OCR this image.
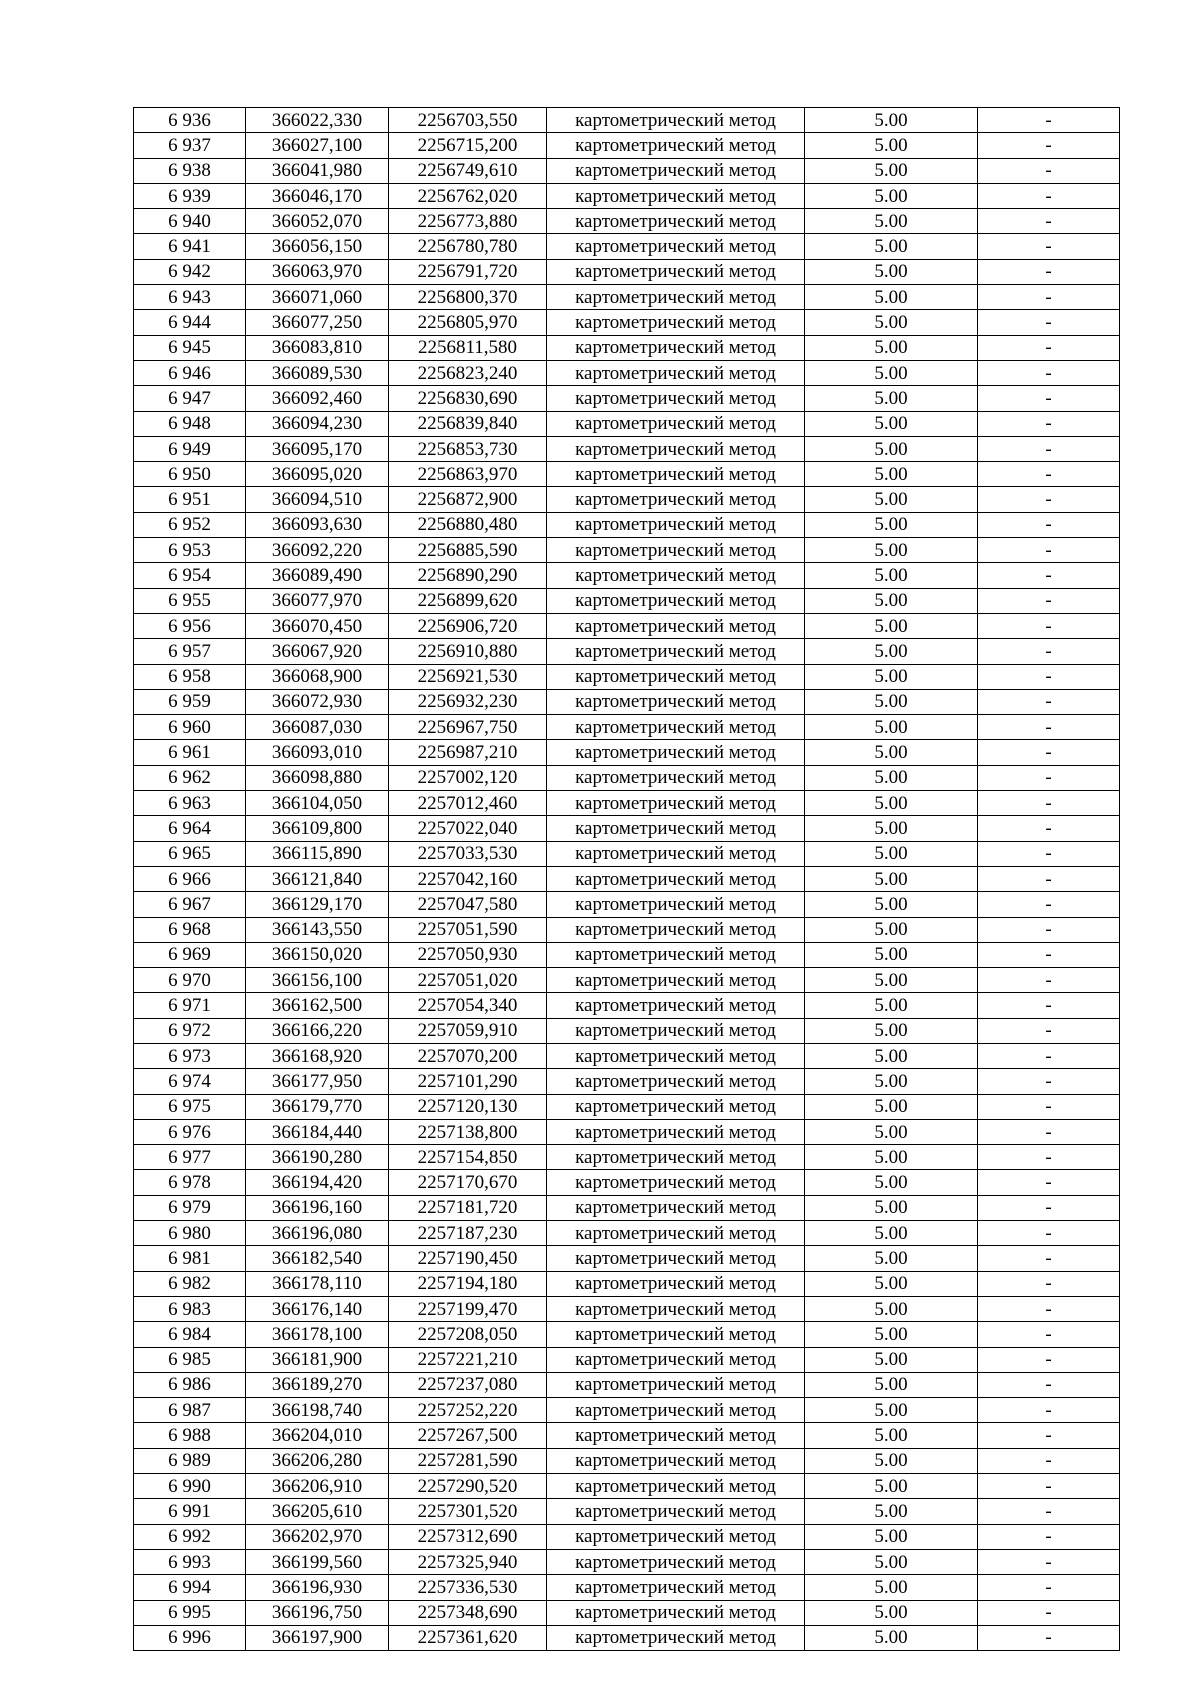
6 936	366022,330	2256703,550	картометрический метод	5.00	-
6 937	366027,100	2256715,200	картометрический метод	5.00	-
6 938	366041,980	2256749,610	картометрический метод	5.00	-
6 939	366046,170	2256762,020	картометрический метод	5.00	-
6 940	366052,070	2256773,880	картометрический метод	5.00	-
6 941	366056,150	2256780,780	картометрический метод	5.00	-
6 942	366063,970	2256791,720	картометрический метод	5.00	-
6 943	366071,060	2256800,370	картометрический метод	5.00	-
6 944	366077,250	2256805,970	картометрический метод	5.00	-
6 945	366083,810	2256811,580	картометрический метод	5.00	-
6 946	366089,530	2256823,240	картометрический метод	5.00	-
6 947	366092,460	2256830,690	картометрический метод	5.00	-
6 948	366094,230	2256839,840	картометрический метод	5.00	-
6 949	366095,170	2256853,730	картометрический метод	5.00	-
6 950	366095,020	2256863,970	картометрический метод	5.00	-
6 951	366094,510	2256872,900	картометрический метод	5.00	-
6 952	366093,630	2256880,480	картометрический метод	5.00	-
6 953	366092,220	2256885,590	картометрический метод	5.00	-
6 954	366089,490	2256890,290	картометрический метод	5.00	-
6 955	366077,970	2256899,620	картометрический метод	5.00	-
6 956	366070,450	2256906,720	картометрический метод	5.00	-
6 957	366067,920	2256910,880	картометрический метод	5.00	-
6 958	366068,900	2256921,530	картометрический метод	5.00	-
6 959	366072,930	2256932,230	картометрический метод	5.00	-
6 960	366087,030	2256967,750	картометрический метод	5.00	-
6 961	366093,010	2256987,210	картометрический метод	5.00	-
6 962	366098,880	2257002,120	картометрический метод	5.00	-
6 963	366104,050	2257012,460	картометрический метод	5.00	-
6 964	366109,800	2257022,040	картометрический метод	5.00	-
6 965	366115,890	2257033,530	картометрический метод	5.00	-
6 966	366121,840	2257042,160	картометрический метод	5.00	-
6 967	366129,170	2257047,580	картометрический метод	5.00	-
6 968	366143,550	2257051,590	картометрический метод	5.00	-
6 969	366150,020	2257050,930	картометрический метод	5.00	-
6 970	366156,100	2257051,020	картометрический метод	5.00	-
6 971	366162,500	2257054,340	картометрический метод	5.00	-
6 972	366166,220	2257059,910	картометрический метод	5.00	-
6 973	366168,920	2257070,200	картометрический метод	5.00	-
6 974	366177,950	2257101,290	картометрический метод	5.00	-
6 975	366179,770	2257120,130	картометрический метод	5.00	-
6 976	366184,440	2257138,800	картометрический метод	5.00	-
6 977	366190,280	2257154,850	картометрический метод	5.00	-
6 978	366194,420	2257170,670	картометрический метод	5.00	-
6 979	366196,160	2257181,720	картометрический метод	5.00	-
6 980	366196,080	2257187,230	картометрический метод	5.00	-
6 981	366182,540	2257190,450	картометрический метод	5.00	-
6 982	366178,110	2257194,180	картометрический метод	5.00	-
6 983	366176,140	2257199,470	картометрический метод	5.00	-
6 984	366178,100	2257208,050	картометрический метод	5.00	-
6 985	366181,900	2257221,210	картометрический метод	5.00	-
6 986	366189,270	2257237,080	картометрический метод	5.00	-
6 987	366198,740	2257252,220	картометрический метод	5.00	-
6 988	366204,010	2257267,500	картометрический метод	5.00	-
6 989	366206,280	2257281,590	картометрический метод	5.00	-
6 990	366206,910	2257290,520	картометрический метод	5.00	-
6 991	366205,610	2257301,520	картометрический метод	5.00	-
6 992	366202,970	2257312,690	картометрический метод	5.00	-
6 993	366199,560	2257325,940	картометрический метод	5.00	-
6 994	366196,930	2257336,530	картометрический метод	5.00	-
6 995	366196,750	2257348,690	картометрический метод	5.00	-
6 996	366197,900	2257361,620	картометрический метод	5.00	-
